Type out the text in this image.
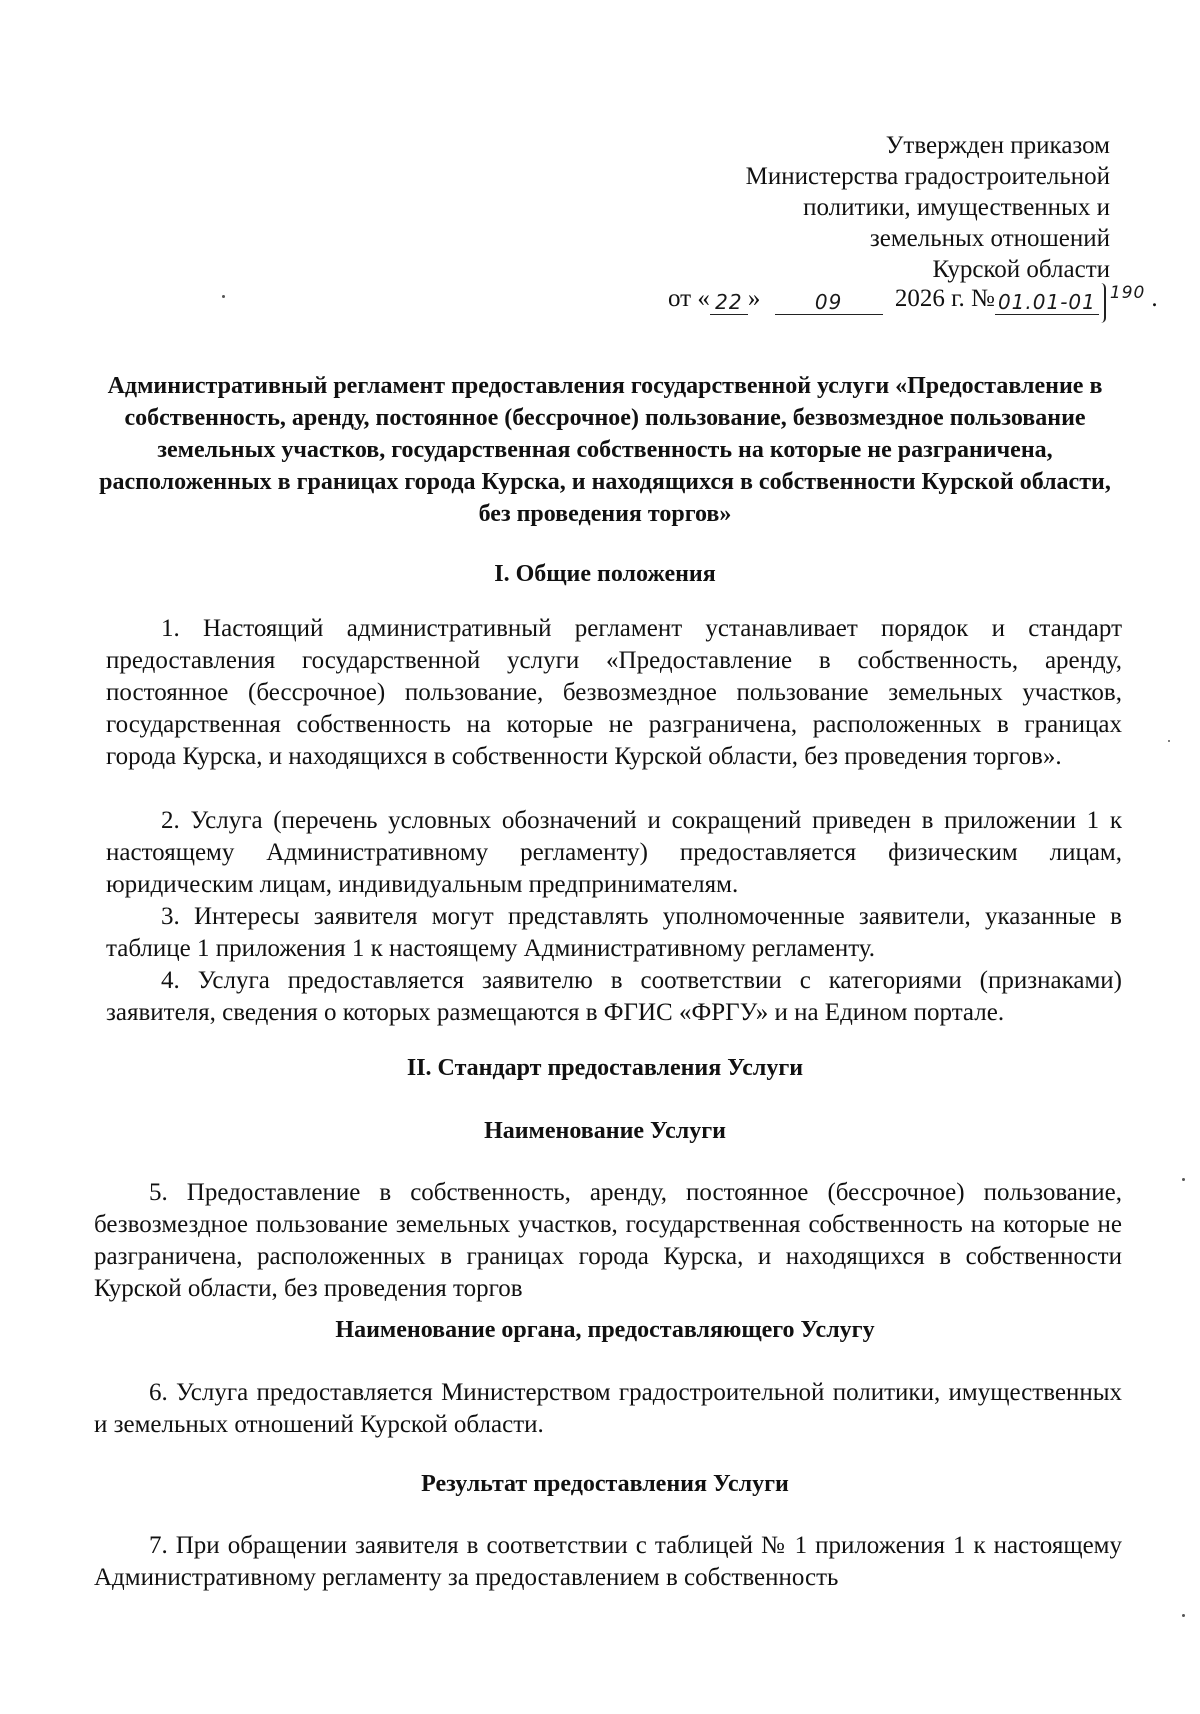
Утвержден приказом
Министерства градостроительной
политики, имущественных и
земельных отношений
Курской области
от « 22 »	09 2026 г. № 01.01-01 190 .
Административный регламент предоставления государственной услуги «Предоставление в собственность, аренду, постоянное (бессрочное) пользование, безвозмездное пользование земельных участков, государственная собственность на которые не разграничена, расположенных в границах города Курска, и находящихся в собственности Курской области, без проведения торгов»
I. Общие положения
1. Настоящий административный регламент устанавливает порядок и стандарт предоставления государственной услуги «Предоставление в собственность, аренду, постоянное (бессрочное) пользование, безвозмездное пользование земельных участков, государственная собственность на которые не разграничена, расположенных в границах города Курска, и находящихся в собственности Курской области, без проведения торгов».
2. Услуга (перечень условных обозначений и сокращений приведен в приложении 1 к настоящему Административному регламенту) предоставляется физическим лицам, юридическим лицам, индивидуальным предпринимателям.
3. Интересы заявителя могут представлять уполномоченные заявители, указанные в таблице 1 приложения 1 к настоящему Административному регламенту.
4. Услуга предоставляется заявителю в соответствии с категориями (признаками) заявителя, сведения о которых размещаются в ФГИС «ФРГУ» и на Едином портале.
II. Стандарт предоставления Услуги
Наименование Услуги
5. Предоставление в собственность, аренду, постоянное (бессрочное) пользование, безвозмездное пользование земельных участков, государственная собственность на которые не разграничена, расположенных в границах города Курска, и находящихся в собственности Курской области, без проведения торгов
Наименование органа, предоставляющего Услугу
6. Услуга предоставляется Министерством градостроительной политики, имущественных и земельных отношений Курской области.
Результат предоставления Услуги
7. При обращении заявителя в соответствии с таблицей № 1 приложения 1 к настоящему Административному регламенту за предоставлением в собственность
